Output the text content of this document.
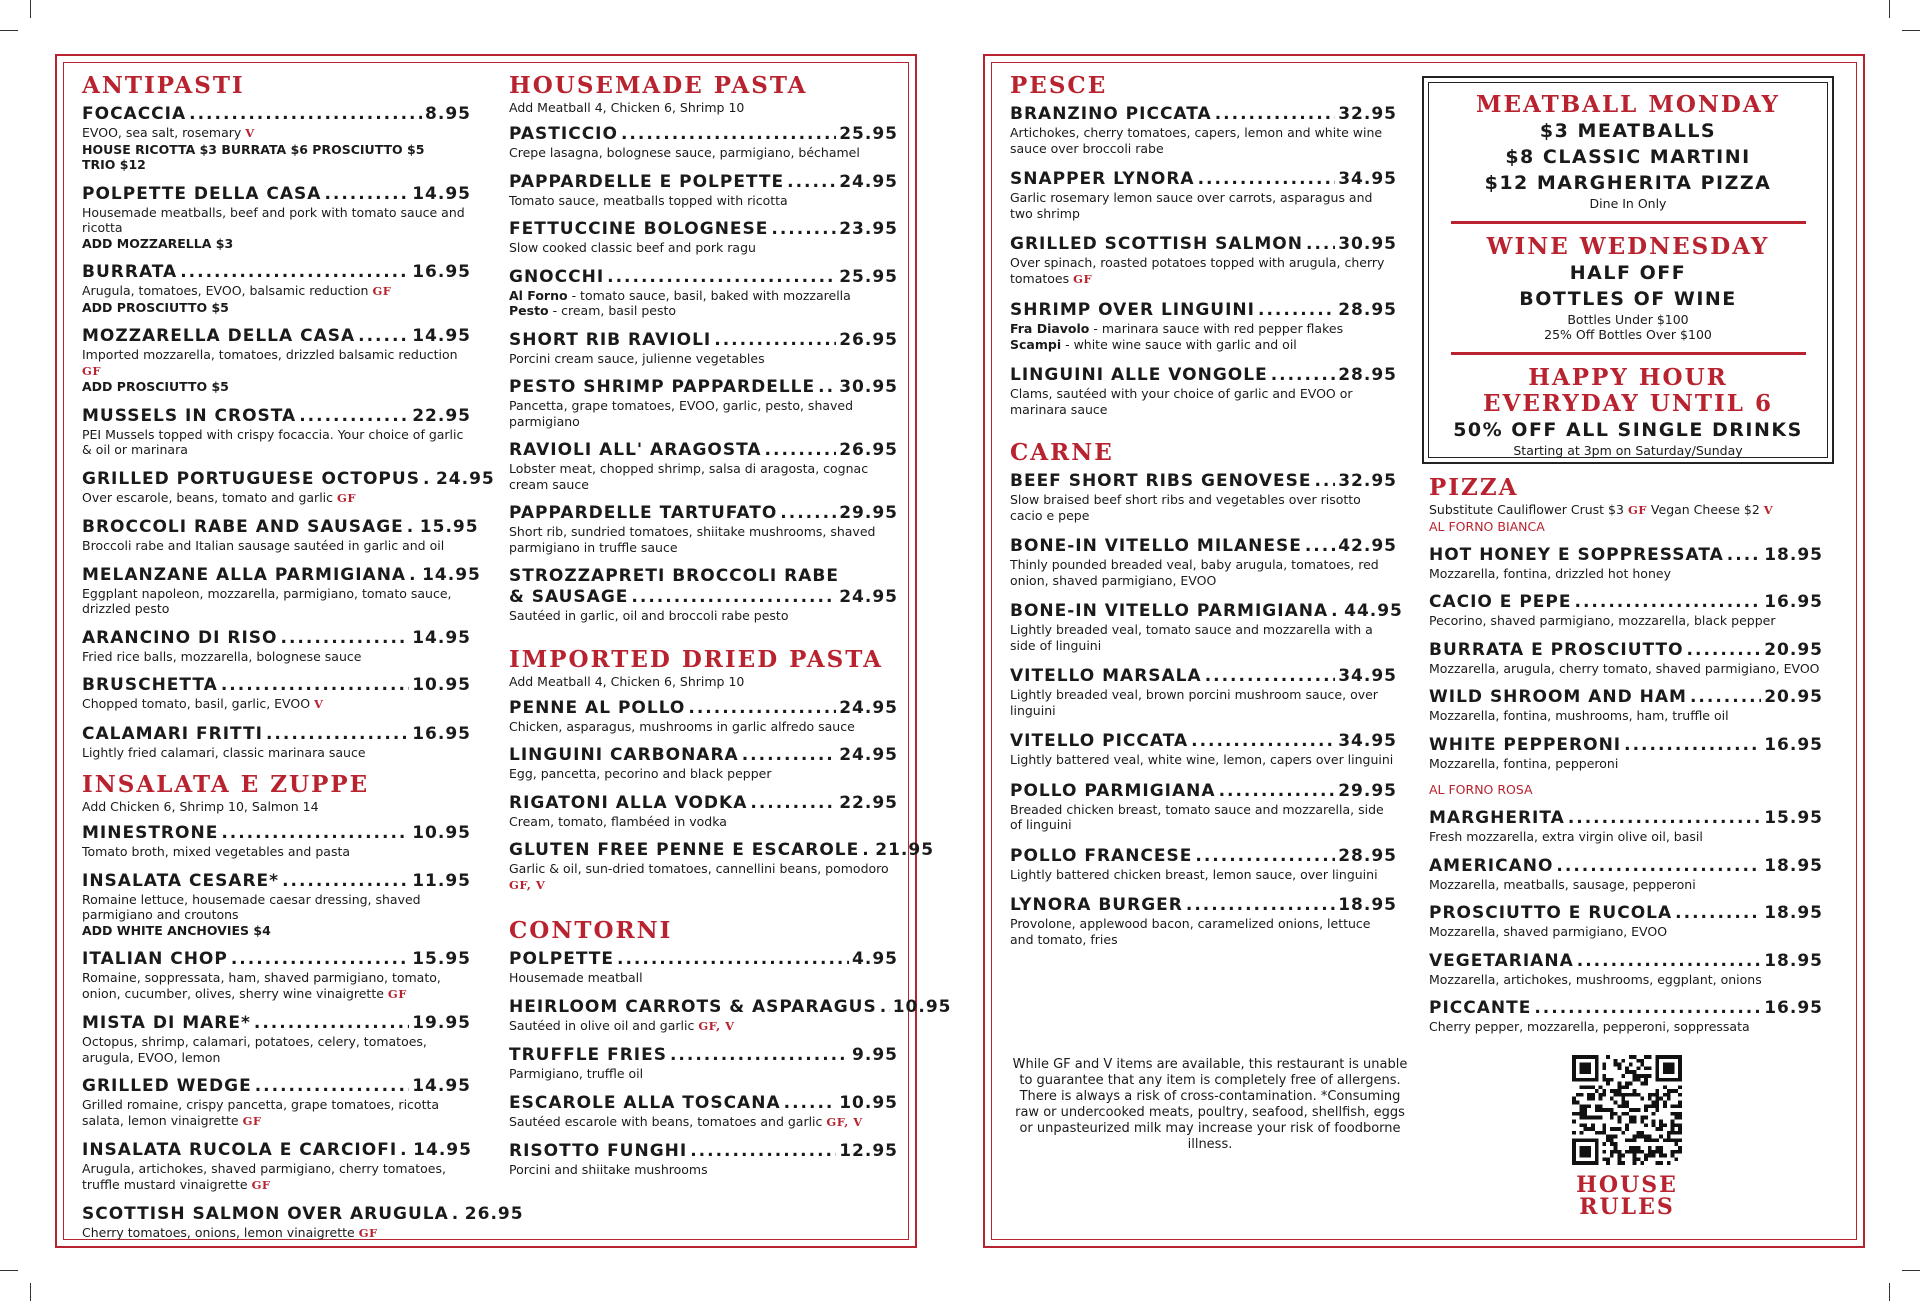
ANTIPASTI
FOCACCIA .....	8.95
EVOO, sea salt, rosemary V
HOUSE RICOTTA $3 BURRATA $6 PROSCIUTTO $5
TRIO $12
POLPETTE DELLA CASA .....	14.95
Housemade meatballs, beef and pork with tomato sauce and ricotta
ADD MOZZARELLA $3
BURRATA .....	16.95
Arugula, tomatoes, EVOO, balsamic reduction GF
ADD PROSCIUTTO $5
MOZZARELLA DELLA CASA .....	14.95
Imported mozzarella, tomatoes, drizzled balsamic reduction GF
ADD PROSCIUTTO $5
MUSSELS IN CROSTA .....	22.95
PEI Mussels topped with crispy focaccia. Your choice of garlic & oil or marinara
GRILLED PORTUGUESE OCTOPUS ..... 24.95
Over escarole, beans, tomato and garlic GF
BROCCOLI RABE AND SAUSAGE ..... 15.95
Broccoli rabe and Italian sausage sautéed in garlic and oil
MELANZANE ALLA PARMIGIANA ..... 14.95
Eggplant napoleon, mozzarella, parmigiano, tomato sauce, drizzled pesto
ARANCINO DI RISO .....	14.95
Fried rice balls, mozzarella, bolognese sauce
BRUSCHETTA .....	10.95
Chopped tomato, basil, garlic, EVOO V
CALAMARI FRITTI .....	16.95
Lightly fried calamari, classic marinara sauce
INSALATA E ZUPPE
Add Chicken 6, Shrimp 10, Salmon 14
MINESTRONE .....	10.95
Tomato broth, mixed vegetables and pasta
INSALATA CESARE* .....	11.95
Romaine lettuce, housemade caesar dressing, shaved parmigiano and croutons
ADD WHITE ANCHOVIES $4
ITALIAN CHOP .....	15.95
Romaine, soppressata, ham, shaved parmigiano, tomato, onion, cucumber, olives, sherry wine vinaigrette GF
MISTA DI MARE* .....	19.95
Octopus, shrimp, calamari, potatoes, celery, tomatoes, arugula, EVOO, lemon
GRILLED WEDGE .....	14.95
Grilled romaine, crispy pancetta, grape tomatoes, ricotta salata, lemon vinaigrette GF
INSALATA RUCOLA E CARCIOFI ..... 14.95
Arugula, artichokes, shaved parmigiano, cherry tomatoes, truffle mustard vinaigrette GF
SCOTTISH SALMON OVER ARUGULA ..... 26.95
Cherry tomatoes, onions, lemon vinaigrette GF
HOUSEMADE PASTA
Add Meatball 4, Chicken 6, Shrimp 10
PASTICCIO .....	25.95
Crepe lasagna, bolognese sauce, parmigiano, béchamel
PAPPARDELLE E POLPETTE .....	24.95
Tomato sauce, meatballs topped with ricotta
FETTUCCINE BOLOGNESE .....	23.95
Slow cooked classic beef and pork ragu
GNOCCHI .....	25.95
Al Forno - tomato sauce, basil, baked with mozzarella
Pesto - cream, basil pesto
SHORT RIB RAVIOLI .....	26.95
Porcini cream sauce, julienne vegetables
PESTO SHRIMP PAPPARDELLE ..... 30.95
Pancetta, grape tomatoes, EVOO, garlic, pesto, shaved parmigiano
RAVIOLI ALL' ARAGOSTA .....	26.95
Lobster meat, chopped shrimp, salsa di aragosta, cognac cream sauce
PAPPARDELLE TARTUFATO .....	29.95
Short rib, sundried tomatoes, shiitake mushrooms, shaved parmigiano in truffle sauce
STROZZAPRETI BROCCOLI RABE
& SAUSAGE .....	24.95
Sautéed in garlic, oil and broccoli rabe pesto
IMPORTED DRIED PASTA
Add Meatball 4, Chicken 6, Shrimp 10
PENNE AL POLLO .....	24.95
Chicken, asparagus, mushrooms in garlic alfredo sauce
LINGUINI CARBONARA .....	24.95
Egg, pancetta, pecorino and black pepper
RIGATONI ALLA VODKA .....	22.95
Cream, tomato, flambéed in vodka
GLUTEN FREE PENNE E ESCAROLE ..... 21.95
Garlic & oil, sun-dried tomatoes, cannellini beans, pomodoro GF, V
CONTORNI
POLPETTE .....	4.95
Housemade meatball
HEIRLOOM CARROTS & ASPARAGUS ..... 10.95
Sautéed in olive oil and garlic GF, V
TRUFFLE FRIES .....	9.95
Parmigiano, truffle oil
ESCAROLE ALLA TOSCANA .....	10.95
Sautéed escarole with beans, tomatoes and garlic GF, V
RISOTTO FUNGHI .....	12.95
Porcini and shiitake mushrooms
PESCE
BRANZINO PICCATA .....	32.95
Artichokes, cherry tomatoes, capers, lemon and white wine sauce over broccoli rabe
SNAPPER LYNORA .....	34.95
Garlic rosemary lemon sauce over carrots, asparagus and two shrimp
GRILLED SCOTTISH SALMON ..... 30.95
Over spinach, roasted potatoes topped with arugula, cherry tomatoes GF
SHRIMP OVER LINGUINI .....	28.95
Fra Diavolo - marinara sauce with red pepper flakes
Scampi - white wine sauce with garlic and oil
LINGUINI ALLE VONGOLE .....	28.95
Clams, sautéed with your choice of garlic and EVOO or marinara sauce
CARNE
BEEF SHORT RIBS GENOVESE ..... 32.95
Slow braised beef short ribs and vegetables over risotto cacio e pepe
BONE-IN VITELLO MILANESE ..... 42.95
Thinly pounded breaded veal, baby arugula, tomatoes, red onion, shaved parmigiano, EVOO
BONE-IN VITELLO PARMIGIANA ..... 44.95
Lightly breaded veal, tomato sauce and mozzarella with a side of linguini
VITELLO MARSALA .....	34.95
Lightly breaded veal, brown porcini mushroom sauce, over linguini
VITELLO PICCATA .....	34.95
Lightly battered veal, white wine, lemon, capers over linguini
POLLO PARMIGIANA .....	29.95
Breaded chicken breast, tomato sauce and mozzarella, side of linguini
POLLO FRANCESE .....	28.95
Lightly battered chicken breast, lemon sauce, over linguini
LYNORA BURGER .....	18.95
Provolone, applewood bacon, caramelized onions, lettuce and tomato, fries
PIZZA
Substitute Cauliflower Crust $3 GF Vegan Cheese $2 V
AL FORNO BIANCA
HOT HONEY E SOPPRESSATA ..... 18.95
Mozzarella, fontina, drizzled hot honey
CACIO E PEPE .....	16.95
Pecorino, shaved parmigiano, mozzarella, black pepper
BURRATA E PROSCIUTTO .....	20.95
Mozzarella, arugula, cherry tomato, shaved parmigiano, EVOO
WILD SHROOM AND HAM .....	20.95
Mozzarella, fontina, mushrooms, ham, truffle oil
WHITE PEPPERONI .....	16.95
Mozzarella, fontina, pepperoni
AL FORNO ROSA
MARGHERITA .....	15.95
Fresh mozzarella, extra virgin olive oil, basil
AMERICANO .....	18.95
Mozzarella, meatballs, sausage, pepperoni
PROSCIUTTO E RUCOLA .....	18.95
Mozzarella, shaved parmigiano, EVOO
VEGETARIANA .....	18.95
Mozzarella, artichokes, mushrooms, eggplant, onions
PICCANTE .....	16.95
Cherry pepper, mozzarella, pepperoni, soppressata
MEATBALL MONDAY
$3 MEATBALLS
$8 CLASSIC MARTINI
$12 MARGHERITA PIZZA
Dine In Only
WINE WEDNESDAY
HALF OFF
BOTTLES OF WINE
Bottles Under $100
25% Off Bottles Over $100
HAPPY HOUR
EVERYDAY UNTIL 6
50% OFF ALL SINGLE DRINKS
Starting at 3pm on Saturday/Sunday
While GF and V items are available, this restaurant is unable to guarantee that any item is completely free of allergens. There is always a risk of cross-contamination. *Consuming raw or undercooked meats, poultry, seafood, shellfish, eggs or unpasteurized milk may increase your risk of foodborne illness.
HOUSE
RULES
